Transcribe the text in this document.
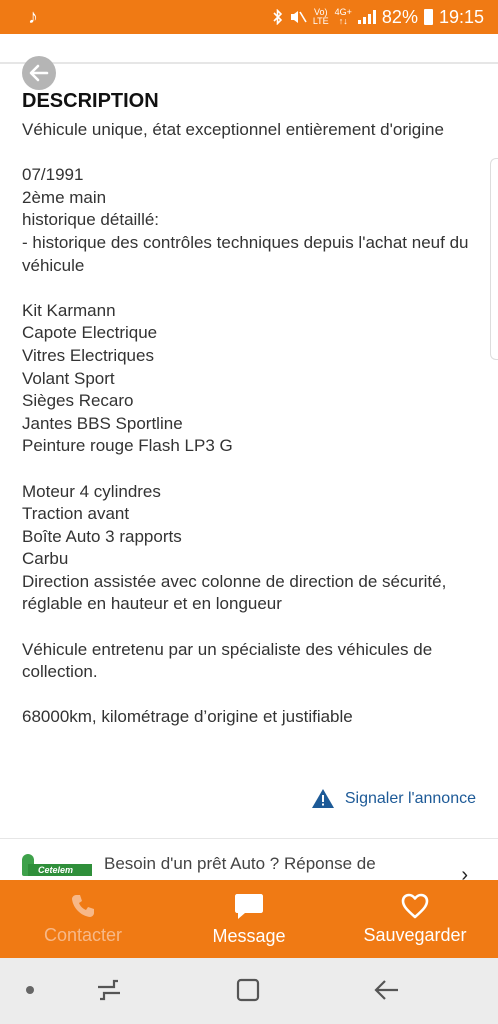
♪	Vo)
LTE
4G+
↑↓ 82% 19:15
DESCRIPTION

Véhicule unique, état exceptionnel entièrement d'origine

07/1991
2ème main
historique détaillé:
- historique des contrôles techniques depuis l'achat neuf du véhicule

Kit Karmann
Capote Electrique
Vitres Electriques
Volant Sport
Sièges Recaro
Jantes BBS Sportline
Peinture rouge Flash LP3 G

Moteur 4 cylindres
Traction avant
Boîte Auto 3 rapports
Carbu
Direction assistée avec colonne de direction de sécurité, réglable en hauteur et en longueur

Véhicule entretenu par un spécialiste des véhicules de collection.

68000km, kilométrage d’origine et justifiable

Signaler l'annonce
Cetelem	Besoin d'un prêt Auto ? Réponse de
›
Contacter	Message	Sauvegarder
